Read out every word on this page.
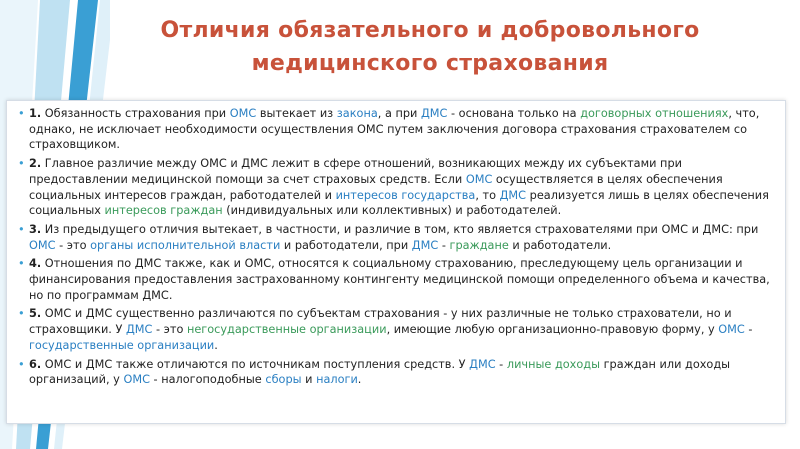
Отличия обязательного и добровольного
медицинского страхования
• 1. Обязанность страхования при ОМС вытекает из закона, а при ДМС - основана только на договорных отношениях, что, однако, не исключает необходимости осуществления ОМС путем заключения договора страхования страхователем со страховщиком.
• 2. Главное различие между ОМС и ДМС лежит в сфере отношений, возникающих между их субъектами при предоставлении медицинской помощи за счет страховых средств. Если ОМС осуществляется в целях обеспечения социальных интересов граждан, работодателей и интересов государства, то ДМС реализуется лишь в целях обеспечения социальных интересов граждан (индивидуальных или коллективных) и работодателей.
• 3. Из предыдущего отличия вытекает, в частности, и различие в том, кто является страхователями при ОМС и ДМС: при ОМС - это органы исполнительной власти и работодатели, при ДМС - граждане и работодатели.
• 4. Отношения по ДМС также, как и ОМС, относятся к социальному страхованию, преследующему цель организации и финансирования предоставления застрахованному контингенту медицинской помощи определенного объема и качества, но по программам ДМС.
• 5. ОМС и ДМС существенно различаются по субъектам страхования - у них различные не только страхователи, но и страховщики. У ДМС - это негосударственные организации, имеющие любую организационно-правовую форму, у ОМС - государственные организации.
• 6. ОМС и ДМС также отличаются по источникам поступления средств. У ДМС - личные доходы граждан или доходы организаций, у ОМС - налогоподобные сборы и налоги.
